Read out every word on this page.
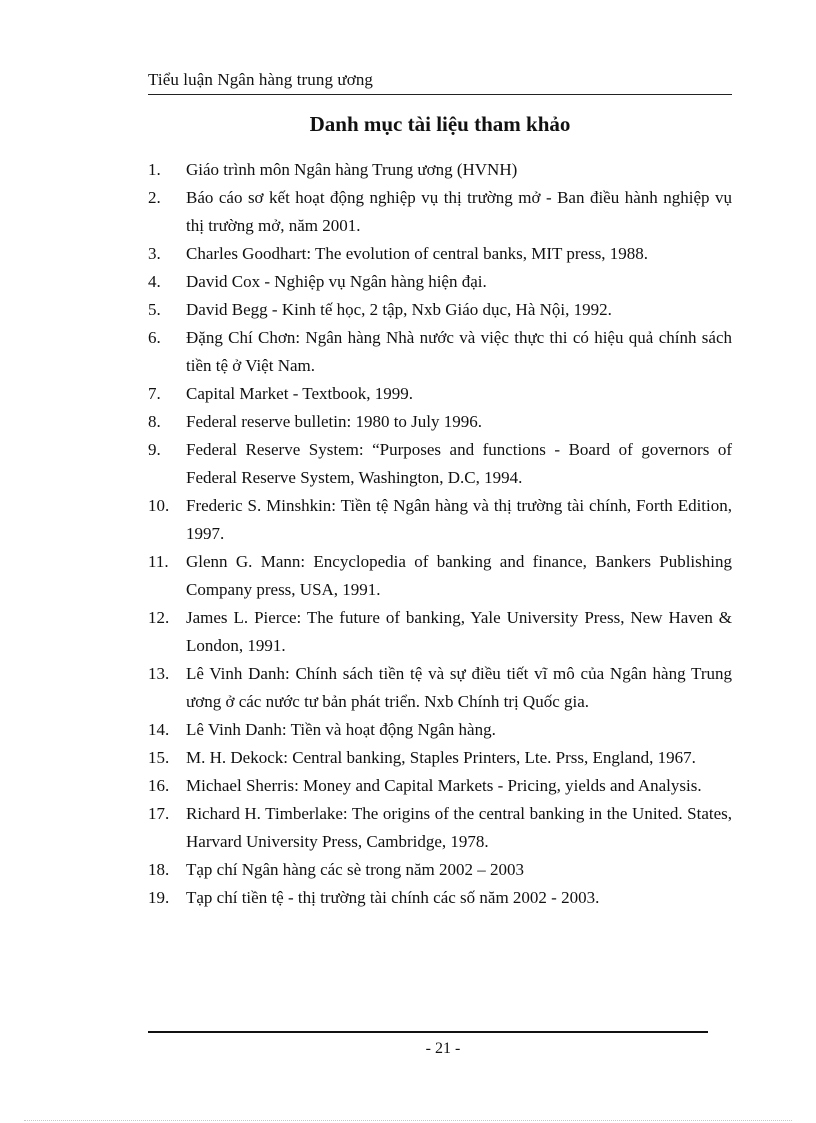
Tiểu luận Ngân hàng trung ương
Danh mục tài liệu tham khảo
1.	Giáo trình môn Ngân hàng Trung ương (HVNH)
2.	Báo cáo sơ kết hoạt động nghiệp vụ thị trường mở - Ban điều hành nghiệp vụ thị trường mở, năm 2001.
3.	Charles Goodhart: The evolution of central banks, MIT press, 1988.
4.	David Cox - Nghiệp vụ Ngân hàng hiện đại.
5.	David Begg - Kinh tế học, 2 tập, Nxb Giáo dục, Hà Nội, 1992.
6.	Đặng Chí Chơn: Ngân hàng Nhà nước và việc thực thi có hiệu quả chính sách tiền tệ ở Việt Nam.
7.	Capital Market - Textbook, 1999.
8.	Federal reserve bulletin: 1980 to July 1996.
9.	Federal Reserve System: “Purposes and functions - Board of governors of Federal Reserve System, Washington, D.C, 1994.
10. Frederic S. Minshkin: Tiền tệ Ngân hàng và thị trường tài chính, Forth Edition, 1997.
11.	Glenn G. Mann: Encyclopedia of banking and finance, Bankers Publishing Company press, USA, 1991.
12. James L. Pierce: The future of banking, Yale University Press, New Haven & London, 1991.
13. Lê Vinh Danh: Chính sách tiền tệ và sự điều tiết vĩ mô của Ngân hàng Trung ương ở các nước tư bản phát triển. Nxb Chính trị Quốc gia.
14. Lê Vinh Danh: Tiền và hoạt động Ngân hàng.
15. M. H. Dekock: Central banking, Staples Printers, Lte. Prss, England, 1967.
16. Michael Sherris: Money and Capital Markets - Pricing, yields and Analysis.
17. Richard H. Timberlake: The origins of the central banking in the United. States, Harvard University Press, Cambridge, 1978.
18. Tạp chí Ngân hàng các sè trong năm 2002 – 2003
19. Tạp chí tiền tệ - thị trường tài chính các số năm 2002 - 2003.
- 21 -
